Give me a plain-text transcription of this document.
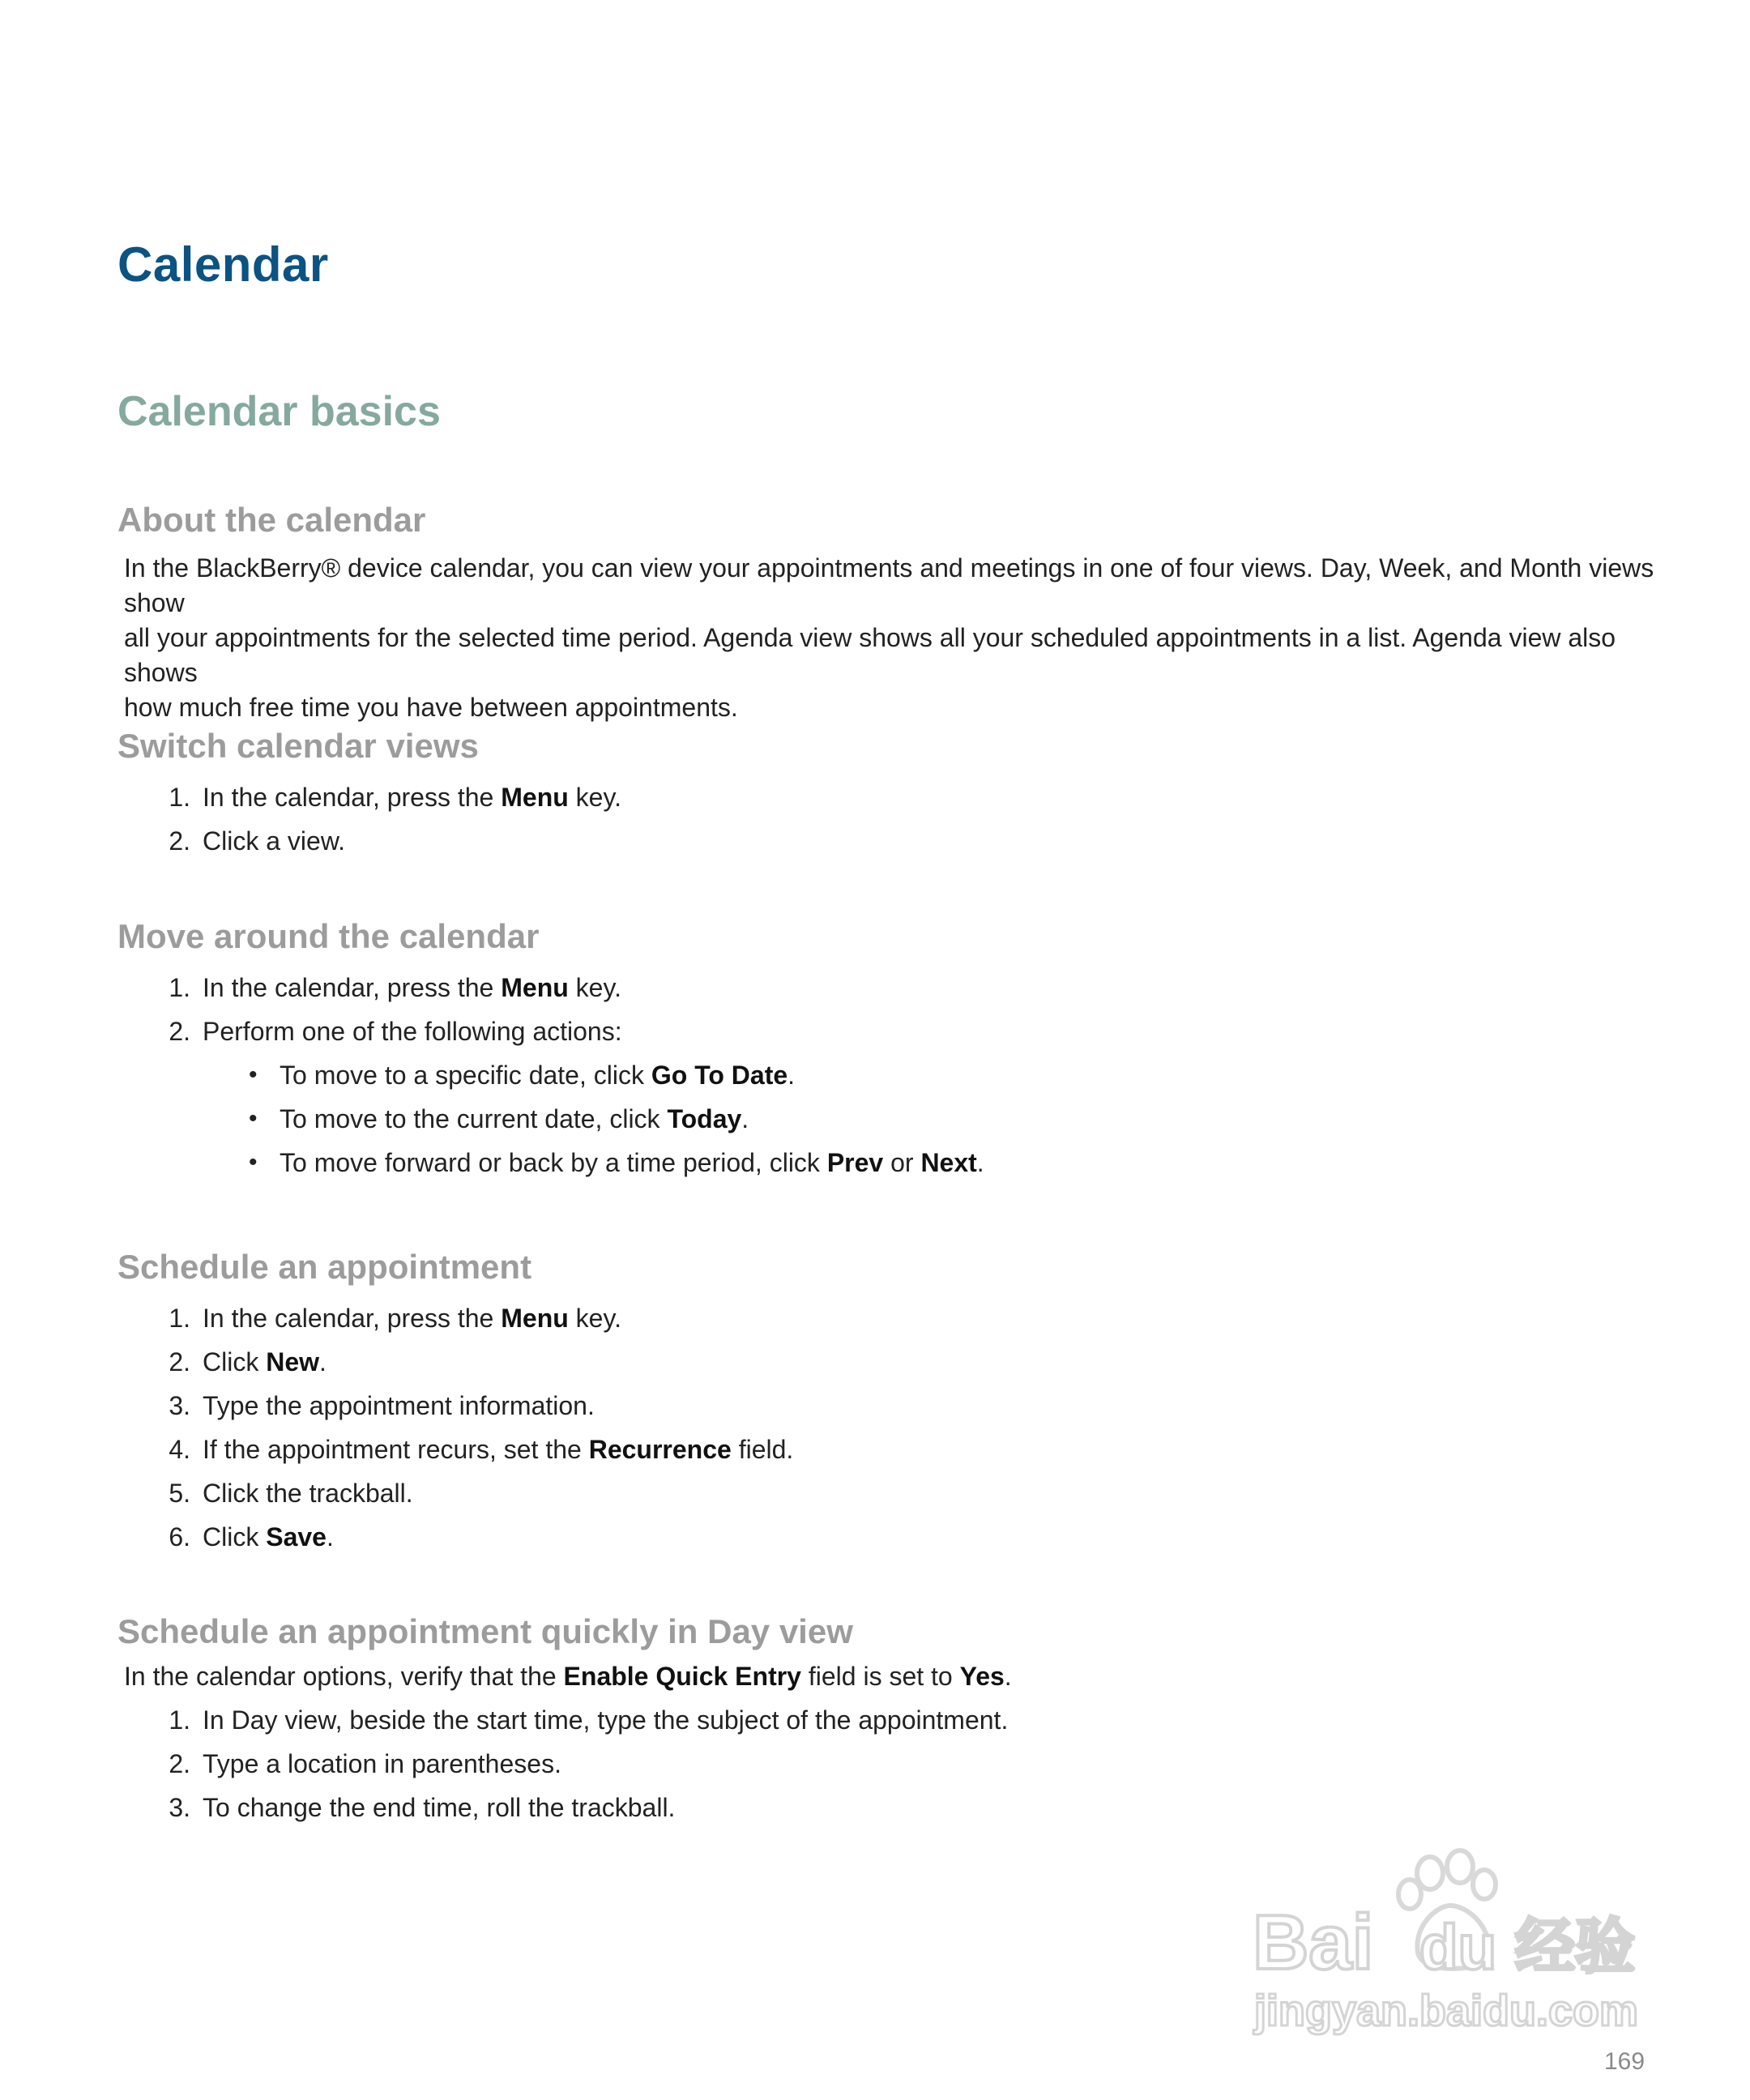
Calendar
Calendar basics
About the calendar

In the BlackBerry® device calendar, you can view your appointments and meetings in one of four views. Day, Week, and Month views show
all your appointments for the selected time period. Agenda view shows all your scheduled appointments in a list. Agenda view also shows
how much free time you have between appointments.

Switch calendar views
1. In the calendar, press the Menu key.
2. Click a view.
Move around the calendar
1. In the calendar, press the Menu key.
2. Perform one of the following actions:
• To move to a specific date, click Go To Date.
• To move to the current date, click Today.
• To move forward or back by a time period, click Prev or Next.
Schedule an appointment
1. In the calendar, press the Menu key.
2. Click New.
3. Type the appointment information.
4. If the appointment recurs, set the Recurrence field.
5. Click the trackball.
6. Click Save.
Schedule an appointment quickly in Day view

In the calendar options, verify that the Enable Quick Entry field is set to Yes.

1. In Day view, beside the start time, type the subject of the appointment.
2. Type a location in parentheses.
3. To change the end time, roll the trackball.
Bai du 经验
jingyan.baidu.com
169
